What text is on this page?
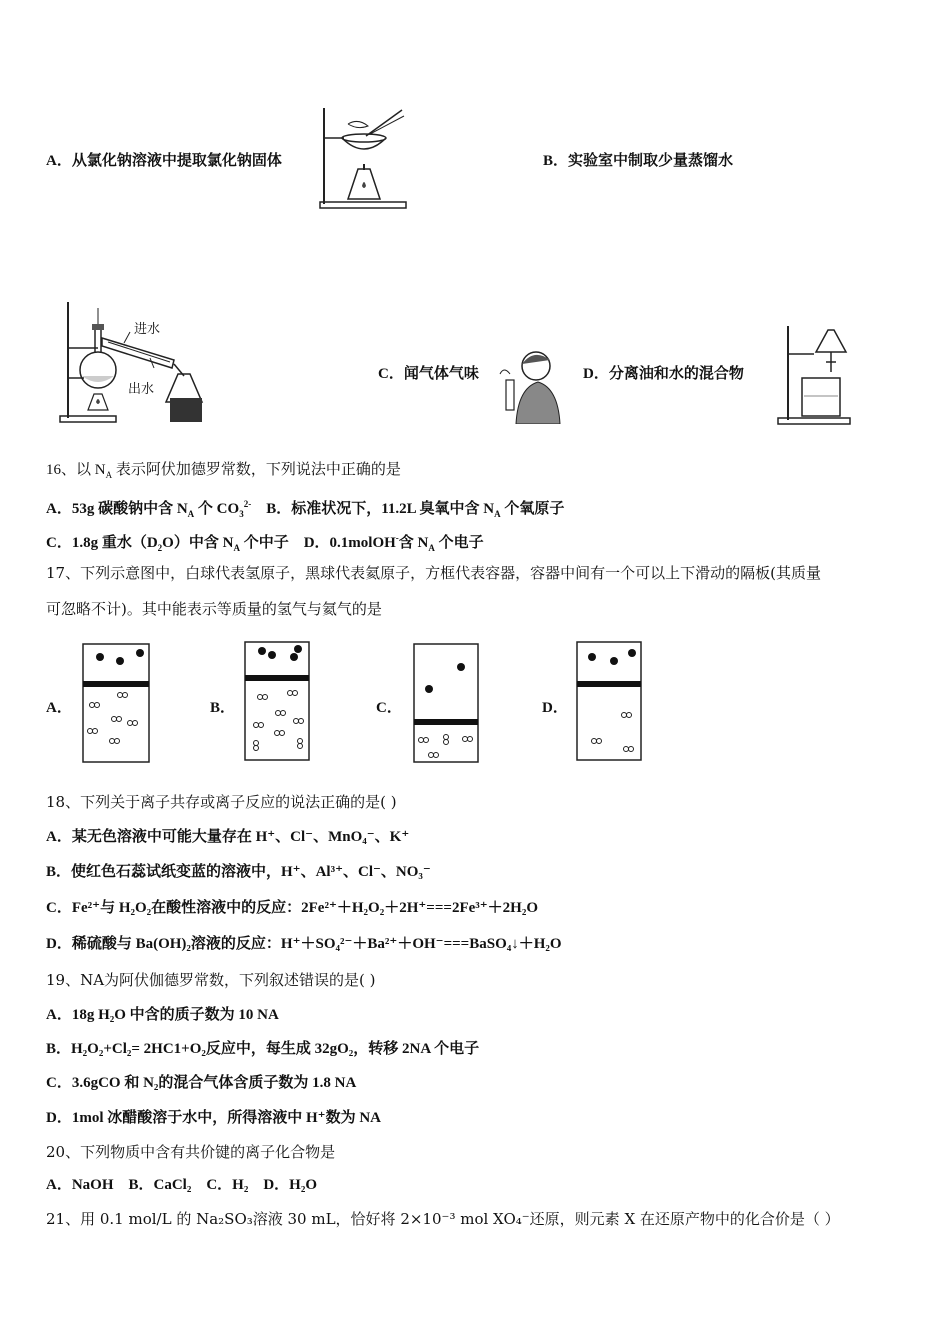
A．从氯化钠溶液中提取氯化钠固体	B．实验室中制取少量蒸馏水
进水
出水
C．闻气体气味	D．分离油和水的混合物
16、以 $N_A$ 表示阿伏加德罗常数，下列说法中正确的是
A．53g 碳酸钠中含 $N_A$ 个 $CO_3^{2-}$ B．标准状况下，11.2L 臭氧中含 $N_A$ 个氧原子
C．1.8g 重水$(D_2O)$中含 $N_A$ 个中子 D．0.1molOH-含 $N_A$ 个电子
17、下列示意图中，白球代表氢原子，黑球代表氦原子，方框代表容器，容器中间有一个可以上下滑动的隔板(其质量
可忽略不计)。其中能表示等质量的氢气与氦气的是
A．	B．	C．	D．
18、下列关于离子共存或离子反应的说法正确的是( )
A．某无色溶液中可能大量存在 H⁺、Cl⁻、MnO₄⁻、K⁺
B．使红色石蕊试纸变蓝的溶液中，H⁺、Al³⁺、Cl⁻、NO₃⁻
C．Fe²⁺与 H₂O₂在酸性溶液中的反应：2Fe²⁺＋H₂O₂＋2H⁺===2Fe³⁺＋2H₂O
D．稀硫酸与 Ba(OH)₂溶液的反应：H⁺＋SO₄²⁻＋Ba²⁺＋OH⁻===BaSO₄↓＋H₂O
19、NA为阿伏伽德罗常数，下列叙述错误的是( )
A．18g H₂O 中含的质子数为 10 NA
B．H₂O₂+Cl₂= 2HC1+O₂反应中，每生成 32gO₂，转移 2NA 个电子
C．3.6gCO 和 N₂的混合气体含质子数为 1.8 NA
D．1mol 冰醋酸溶于水中，所得溶液中 H⁺数为 NA
20、下列物质中含有共价键的离子化合物是
A．NaOH    B．CaCl₂    C．H₂    D．H₂O
21、用 0.1 mol/L 的 Na₂SO₃溶液 30 mL，恰好将 2×10⁻³ mol XO₄⁻还原，则元素 X 在还原产物中的化合价是（ ）
